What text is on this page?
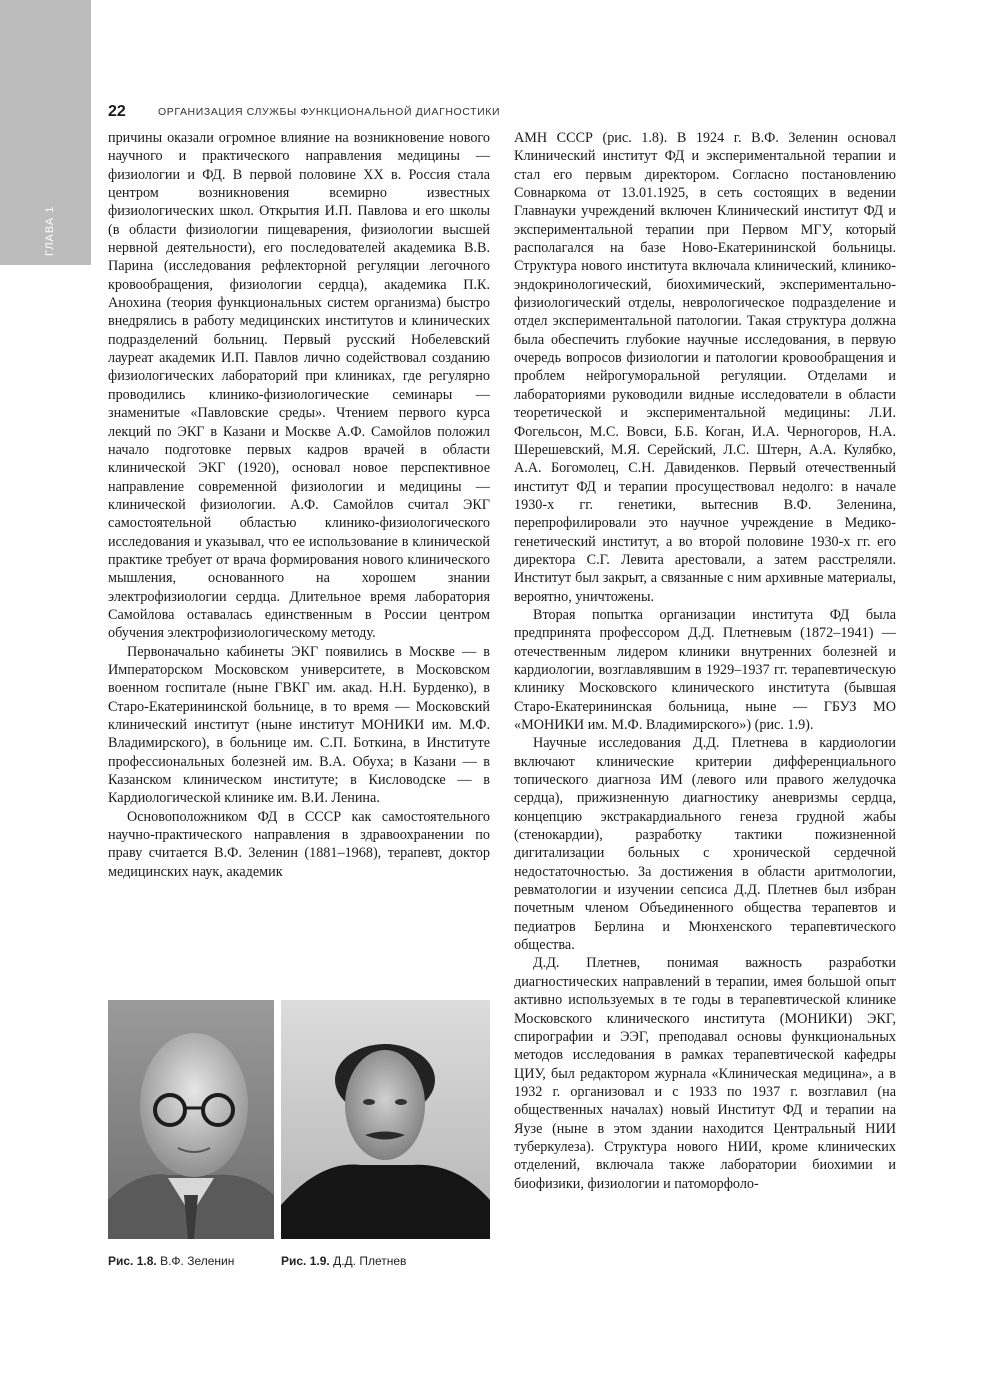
ГЛАВА 1
22	ОРГАНИЗАЦИЯ СЛУЖБЫ ФУНКЦИОНАЛЬНОЙ ДИАГНОСТИКИ

причины оказали огромное влияние на возникновение нового научного и практического направления медицины — физиологии и ФД. В первой половине XX в. Россия стала центром возникновения всемирно известных физиологических школ. Открытия И.П. Павлова и его школы (в области физиологии пищеварения, физиологии высшей нервной деятельности), его последователей академика В.В. Парина (исследования рефлекторной регуляции легочного кровообращения, физиологии сердца), академика П.К. Анохина (теория функциональных систем организма) быстро внедрялись в работу медицинских институтов и клинических подразделений больниц. Первый русский Нобелевский лауреат академик И.П. Павлов лично содействовал созданию физиологических лабораторий при клиниках, где регулярно проводились клинико-физиологические семинары — знаменитые «Павловские среды». Чтением первого курса лекций по ЭКГ в Казани и Москве А.Ф. Самойлов положил начало подготовке первых кадров врачей в области клинической ЭКГ (1920), основал новое перспективное направление современной физиологии и медицины — клинической физиологии. А.Ф. Самойлов считал ЭКГ самостоятельной областью клинико-физиологического исследования и указывал, что ее использование в клинической практике требует от врача формирования нового клинического мышления, основанного на хорошем знании электрофизиологии сердца. Длительное время лаборатория Самойлова оставалась единственным в России центром обучения электрофизиологическому методу.

Первоначально кабинеты ЭКГ появились в Москве — в Императорском Московском университете, в Московском военном госпитале (ныне ГВКГ им. акад. Н.Н. Бурденко), в Старо-Екатерининской больнице, в то время — Московский клинический институт (ныне институт МОНИКИ им. М.Ф. Владимирского), в больнице им. С.П. Боткина, в Институте профессиональных болезней им. В.А. Обуха; в Казани — в Казанском клиническом институте; в Кисловодске — в Кардиологической клинике им. В.И. Ленина.

Основоположником ФД в СССР как самостоятельного научно-практического направления в здравоохранении по праву считается В.Ф. Зеленин (1881–1968), терапевт, доктор медицинских наук, академик

АМН СССР (рис. 1.8). В 1924 г. В.Ф. Зеленин основал Клинический институт ФД и экспериментальной терапии и стал его первым директором. Согласно постановлению Совнаркома от 13.01.1925, в сеть состоящих в ведении Главнауки учреждений включен Клинический институт ФД и экспериментальной терапии при Первом МГУ, который располагался на базе Ново-Екатерининской больницы. Структура нового института включала клинический, клинико-эндокринологический, биохимический, экспериментально-физиологический отделы, неврологическое подразделение и отдел экспериментальной патологии. Такая структура должна была обеспечить глубокие научные исследования, в первую очередь вопросов физиологии и патологии кровообращения и проблем нейрогуморальной регуляции. Отделами и лабораториями руководили видные исследователи в области теоретической и экспериментальной медицины: Л.И. Фогельсон, М.С. Вовси, Б.Б. Коган, И.А. Черногоров, Н.А. Шерешевский, М.Я. Серейский, Л.С. Штерн, А.А. Кулябко, А.А. Богомолец, С.Н. Давиденков. Первый отечественный институт ФД и терапии просуществовал недолго: в начале 1930-х гг. генетики, вытеснив В.Ф. Зеленина, перепрофилировали это научное учреждение в Медико-генетический институт, а во второй половине 1930-х гг. его директора С.Г. Левита арестовали, а затем расстреляли. Институт был закрыт, а связанные с ним архивные материалы, вероятно, уничтожены.

Вторая попытка организации института ФД была предпринята профессором Д.Д. Плетневым (1872–1941) — отечественным лидером клиники внутренних болезней и кардиологии, возглавлявшим в 1929–1937 гг. терапевтическую клинику Московского клинического института (бывшая Старо-Екатерининская больница, ныне — ГБУЗ МО «МОНИКИ им. М.Ф. Владимирского») (рис. 1.9).

Научные исследования Д.Д. Плетнева в кардиологии включают клинические критерии дифференциального топического диагноза ИМ (левого или правого желудочка сердца), прижизненную диагностику аневризмы сердца, концепцию экстракардиального генеза грудной жабы (стенокардии), разработку тактики пожизненной дигитализации больных с хронической сердечной недостаточностью. За достижения в области аритмологии, ревматологии и изучении сепсиса Д.Д. Плетнев был избран почетным членом Объединенного общества терапевтов и педиатров Берлина и Мюнхенского терапевтического общества.

Д.Д. Плетнев, понимая важность разработки диагностических направлений в терапии, имея большой опыт активно используемых в те годы в терапевтической клинике Московского клинического института (МОНИКИ) ЭКГ, спирографии и ЭЭГ, преподавал основы функциональных методов исследования в рамках терапевтической кафедры ЦИУ, был редактором журнала «Клиническая медицина», а в 1932 г. организовал и с 1933 по 1937 г. возглавил (на общественных началах) новый Институт ФД и терапии на Яузе (ныне в этом здании находится Центральный НИИ туберкулеза). Структура нового НИИ, кроме клинических отделений, включала также лаборатории биохимии и биофизики, физиологии и патоморфоло-

Рис. 1.8. В.Ф. Зеленин	Рис. 1.9. Д.Д. Плетнев
